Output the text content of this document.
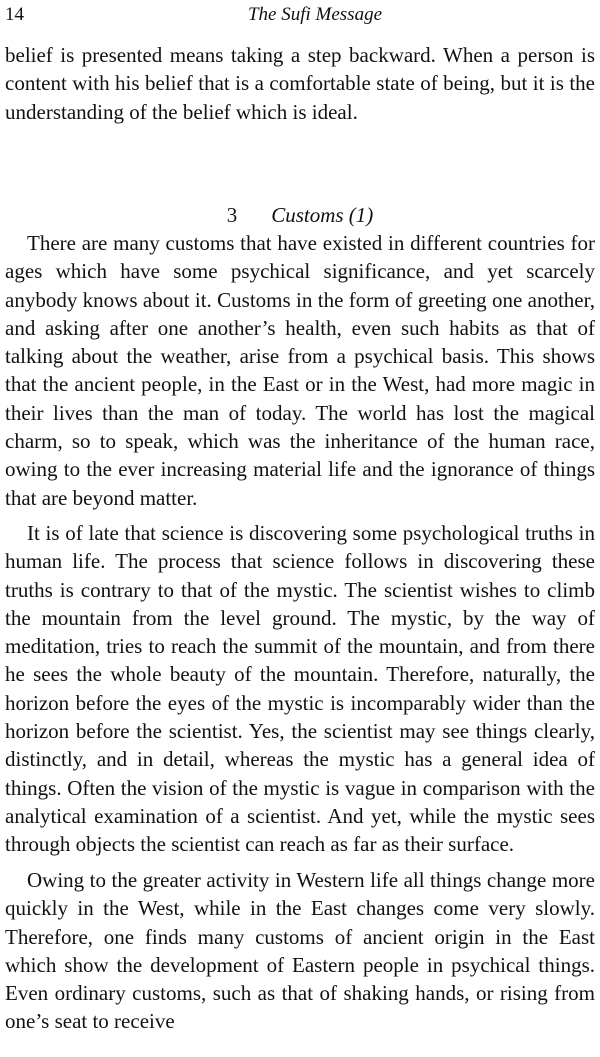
14	The Sufi Message

belief is presented means taking a step backward. When a person is content with his belief that is a comfortable state of being, but it is the understanding of the belief which is ideal.

3 Customs (1)

There are many customs that have existed in different countries for ages which have some psychical significance, and yet scarcely anybody knows about it. Customs in the form of greeting one another, and asking after one another’s health, even such habits as that of talking about the weather, arise from a psychical basis. This shows that the ancient people, in the East or in the West, had more magic in their lives than the man of today. The world has lost the magical charm, so to speak, which was the inheritance of the human race, owing to the ever increasing material life and the ignorance of things that are beyond matter.

It is of late that science is discovering some psychological truths in human life. The process that science follows in discovering these truths is contrary to that of the mystic. The scientist wishes to climb the mountain from the level ground. The mystic, by the way of meditation, tries to reach the summit of the mountain, and from there he sees the whole beauty of the mountain. Therefore, naturally, the horizon before the eyes of the mystic is incomparably wider than the horizon before the scientist. Yes, the scientist may see things clearly, distinctly, and in detail, whereas the mystic has a general idea of things. Often the vision of the mystic is vague in comparison with the analytical examination of a scientist. And yet, while the mystic sees through objects the scientist can reach as far as their surface.

Owing to the greater activity in Western life all things change more quickly in the West, while in the East changes come very slowly. Therefore, one finds many customs of ancient origin in the East which show the development of Eastern people in psychical things. Even ordinary customs, such as that of shaking hands, or rising from one’s seat to receive
